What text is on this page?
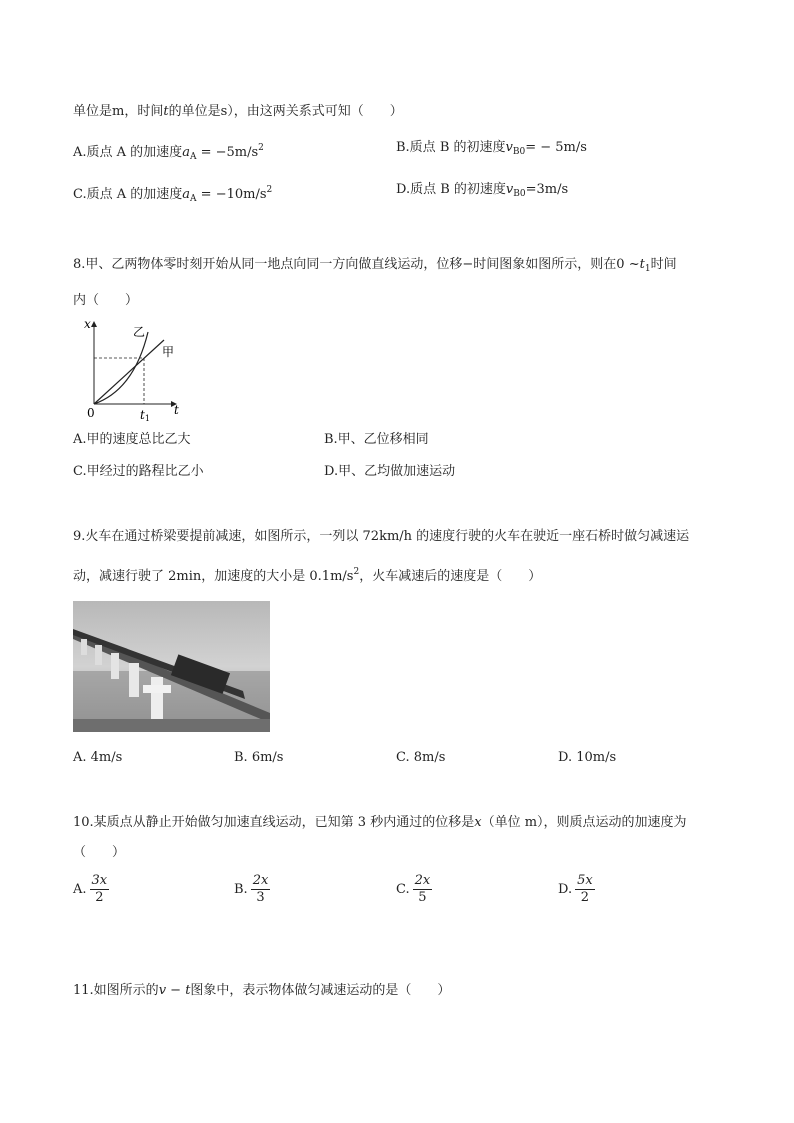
单位是m，时间t的单位是s），由这两关系式可知（　　）
A.质点 A 的加速度$a_A = -5m/s^2$	B.质点 B 的初速度$v_{B0}= - 5m/s$
C.质点 A 的加速度$a_A = -10m/s^2$	D.质点 B 的初速度$v_{B0}=3m/s$
8.甲、乙两物体零时刻开始从同一地点向同一方向做直线运动，位移−时间图象如图所示，则在0 $\sim t_1$时间
内（　　）
x
t
0	t1
乙
甲
A.甲的速度总比乙大	B.甲、乙位移相同
C.甲经过的路程比乙小	D.甲、乙均做加速运动
9.火车在通过桥梁要提前减速，如图所示，一列以 72km/h 的速度行驶的火车在驶近一座石桥时做匀减速运
动，减速行驶了 2min，加速度的大小是 $0.1m/s^2$，火车减速后的速度是（　　）
A. 4m/s	B. 6m/s	C. 8m/s	D. 10m/s
10.某质点从静止开始做匀加速直线运动，已知第 3 秒内通过的位移是x（单位 m），则质点运动的加速度为
（　　）
A. $\frac{3x}{2}$	B. $\frac{2x}{3}$	C. $\frac{2x}{5}$	D. $\frac{5x}{2}$
11.如图所示的v − t图象中，表示物体做匀减速运动的是（　　）
